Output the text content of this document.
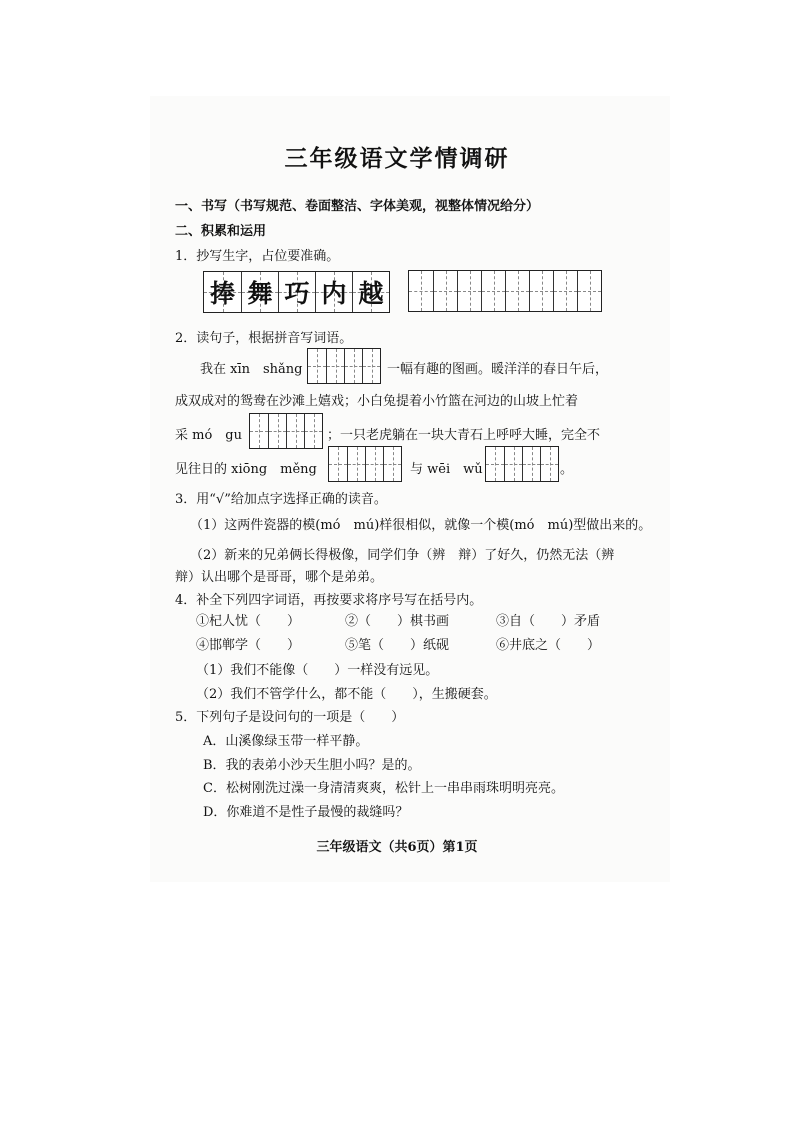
三年级语文学情调研
一、书写（书写规范、卷面整洁、字体美观，视整体情况给分）
二、积累和运用
1．抄写生字，占位要准确。
捧 舞 巧 内 越
2．读句子，根据拼音写词语。
我在 xīn　shǎng	一幅有趣的图画。暖洋洋的春日午后，
成双成对的鸳鸯在沙滩上嬉戏；小白兔提着小竹篮在河边的山坡上忙着
采 mó　gu	；一只老虎躺在一块大青石上呼呼大睡，完全不
见往日的 xiōng　měng	与 wēi　wǔ	。
3．用“√”给加点字选择正确的读音。
（1）这两件瓷器的模(mó　mú)样很相似，就像一个模(mó　mú)型做出来的。
（2）新来的兄弟俩长得极像，同学们争（辨　辩）了好久，仍然无法（辨
辩）认出哪个是哥哥，哪个是弟弟。
4．补全下列四字词语，再按要求将序号写在括号内。
①杞人忧（　　）	②（　　）棋书画	③自（　　）矛盾
④邯郸学（　　）	⑤笔（　　）纸砚	⑥井底之（　　）
（1）我们不能像（　　）一样没有远见。
（2）我们不管学什么，都不能（　　），生搬硬套。
5．下列句子是设问句的一项是（　　）
A．山溪像绿玉带一样平静。
B．我的表弟小沙天生胆小吗？是的。
C．松树刚洗过澡一身清清爽爽，松针上一串串雨珠明明亮亮。
D．你难道不是性子最慢的裁缝吗？
三年级语文（共6页）第1页
